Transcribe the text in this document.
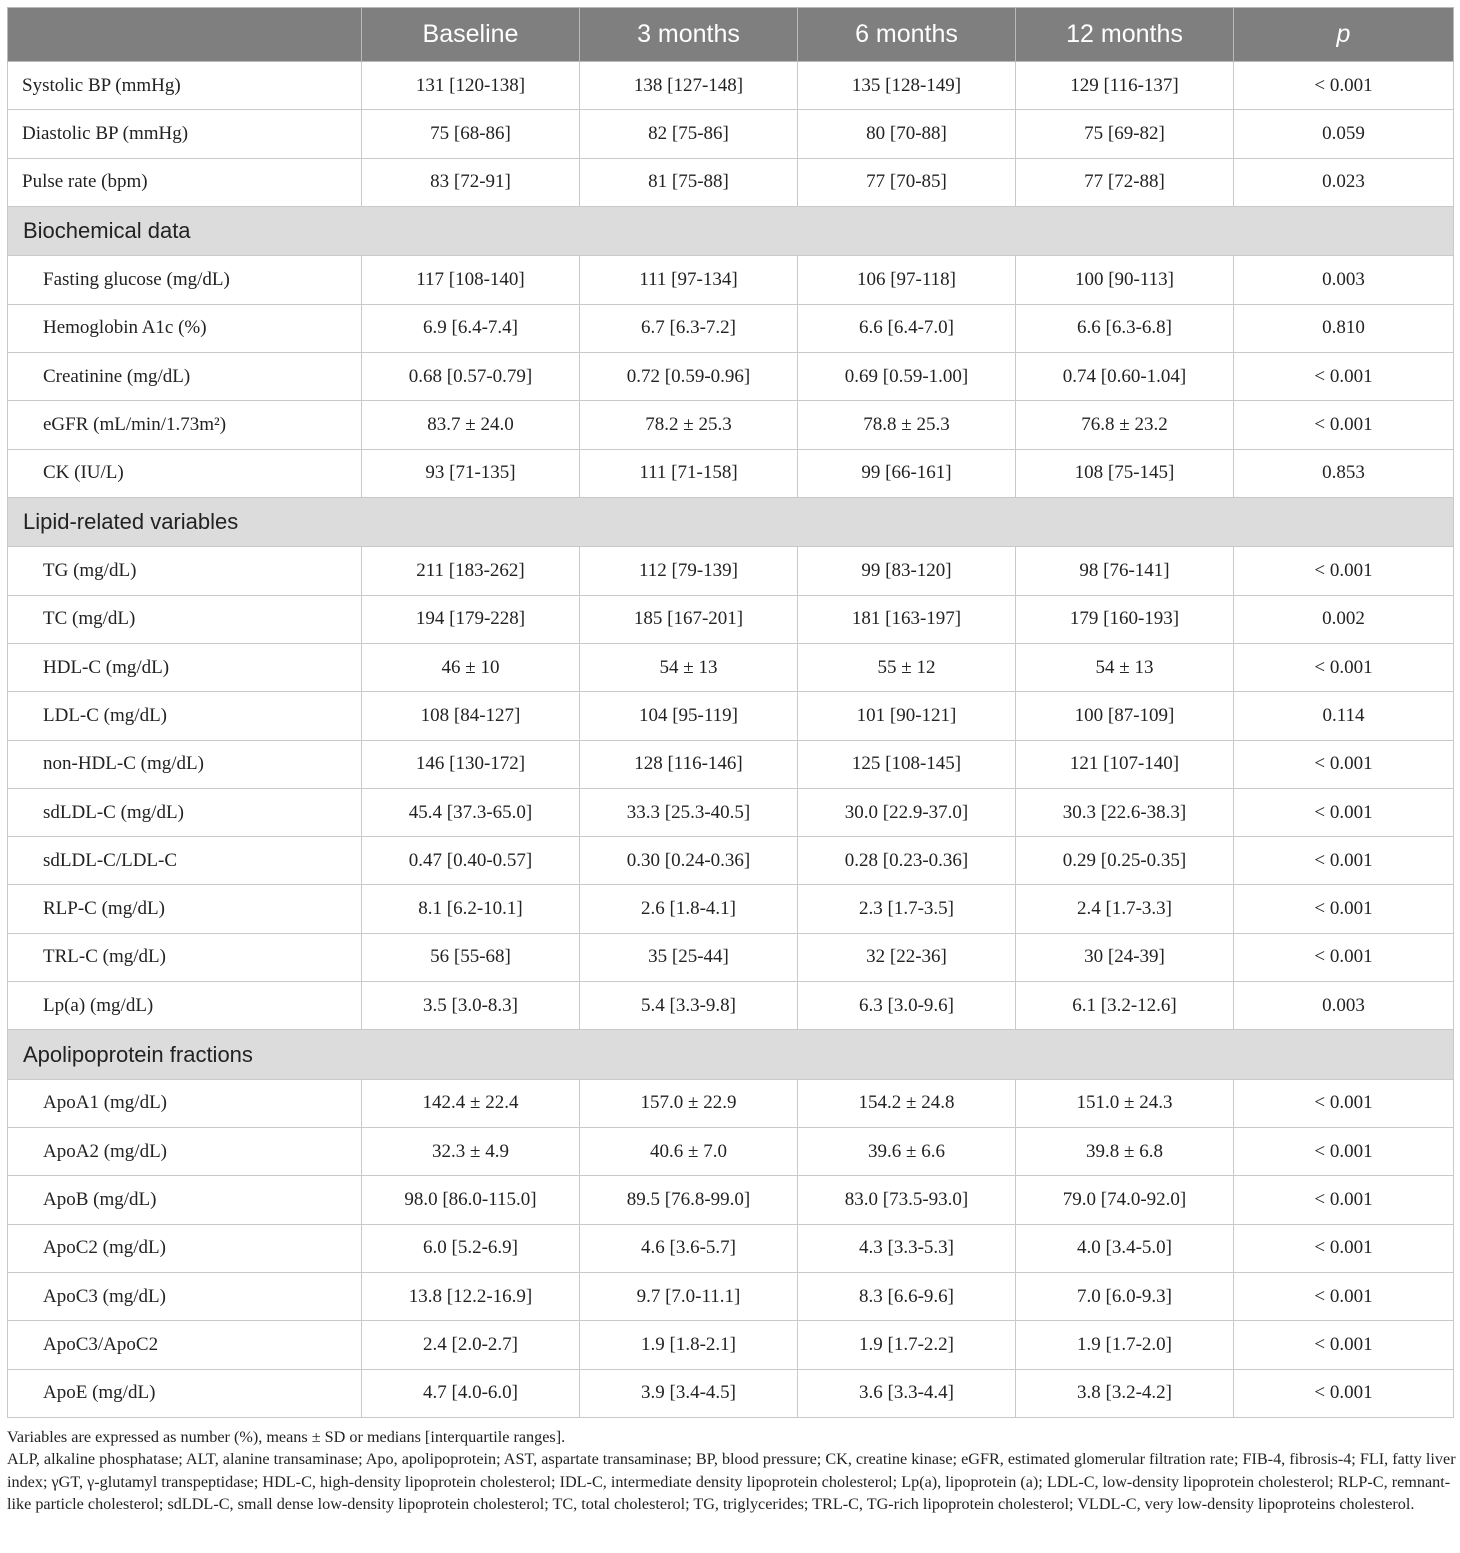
	Baseline	3 months	6 months	12 months	p
Systolic BP (mmHg)	131 [120-138]	138 [127-148]	135 [128-149]	129 [116-137]	< 0.001
Diastolic BP (mmHg)	75 [68-86]	82 [75-86]	80 [70-88]	75 [69-82]	0.059
Pulse rate (bpm)	83 [72-91]	81 [75-88]	77 [70-85]	77 [72-88]	0.023
Biochemical data					
Fasting glucose (mg/dL)	117 [108-140]	111 [97-134]	106 [97-118]	100 [90-113]	0.003
Hemoglobin A1c (%)	6.9 [6.4-7.4]	6.7 [6.3-7.2]	6.6 [6.4-7.0]	6.6 [6.3-6.8]	0.810
Creatinine (mg/dL)	0.68 [0.57-0.79]	0.72 [0.59-0.96]	0.69 [0.59-1.00]	0.74 [0.60-1.04]	< 0.001
eGFR (mL/min/1.73m²)	83.7 ± 24.0	78.2 ± 25.3	78.8 ± 25.3	76.8 ± 23.2	< 0.001
CK (IU/L)	93 [71-135]	111 [71-158]	99 [66-161]	108 [75-145]	0.853
Lipid-related variables					
TG (mg/dL)	211 [183-262]	112 [79-139]	99 [83-120]	98 [76-141]	< 0.001
TC (mg/dL)	194 [179-228]	185 [167-201]	181 [163-197]	179 [160-193]	0.002
HDL-C (mg/dL)	46 ± 10	54 ± 13	55 ± 12	54 ± 13	< 0.001
LDL-C (mg/dL)	108 [84-127]	104 [95-119]	101 [90-121]	100 [87-109]	0.114
non-HDL-C (mg/dL)	146 [130-172]	128 [116-146]	125 [108-145]	121 [107-140]	< 0.001
sdLDL-C (mg/dL)	45.4 [37.3-65.0]	33.3 [25.3-40.5]	30.0 [22.9-37.0]	30.3 [22.6-38.3]	< 0.001
sdLDL-C/LDL-C	0.47 [0.40-0.57]	0.30 [0.24-0.36]	0.28 [0.23-0.36]	0.29 [0.25-0.35]	< 0.001
RLP-C (mg/dL)	8.1 [6.2-10.1]	2.6 [1.8-4.1]	2.3 [1.7-3.5]	2.4 [1.7-3.3]	< 0.001
TRL-C (mg/dL)	56 [55-68]	35 [25-44]	32 [22-36]	30 [24-39]	< 0.001
Lp(a) (mg/dL)	3.5 [3.0-8.3]	5.4 [3.3-9.8]	6.3 [3.0-9.6]	6.1 [3.2-12.6]	0.003
Apolipoprotein fractions					
ApoA1 (mg/dL)	142.4 ± 22.4	157.0 ± 22.9	154.2 ± 24.8	151.0 ± 24.3	< 0.001
ApoA2 (mg/dL)	32.3 ± 4.9	40.6 ± 7.0	39.6 ± 6.6	39.8 ± 6.8	< 0.001
ApoB (mg/dL)	98.0 [86.0-115.0]	89.5 [76.8-99.0]	83.0 [73.5-93.0]	79.0 [74.0-92.0]	< 0.001
ApoC2 (mg/dL)	6.0 [5.2-6.9]	4.6 [3.6-5.7]	4.3 [3.3-5.3]	4.0 [3.4-5.0]	< 0.001
ApoC3 (mg/dL)	13.8 [12.2-16.9]	9.7 [7.0-11.1]	8.3 [6.6-9.6]	7.0 [6.0-9.3]	< 0.001
ApoC3/ApoC2	2.4 [2.0-2.7]	1.9 [1.8-2.1]	1.9 [1.7-2.2]	1.9 [1.7-2.0]	< 0.001
ApoE (mg/dL)	4.7 [4.0-6.0]	3.9 [3.4-4.5]	3.6 [3.3-4.4]	3.8 [3.2-4.2]	< 0.001

Variables are expressed as number (%), means ± SD or medians [interquartile ranges].

ALP, alkaline phosphatase; ALT, alanine transaminase; Apo, apolipoprotein; AST, aspartate transaminase; BP, blood pressure; CK, creatine kinase; eGFR, estimated glomerular filtration rate; FIB-4, fibrosis-4; FLI, fatty liver index; γGT, γ-glutamyl transpeptidase; HDL-C, high-density lipoprotein cholesterol; IDL-C, intermediate density lipoprotein cholesterol; Lp(a), lipoprotein (a); LDL-C, low-density lipoprotein cholesterol; RLP-C, remnant-like particle cholesterol; sdLDL-C, small dense low-density lipoprotein cholesterol; TC, total cholesterol; TG, triglycerides; TRL-C, TG-rich lipoprotein cholesterol; VLDL-C, very low-density lipoproteins cholesterol.
